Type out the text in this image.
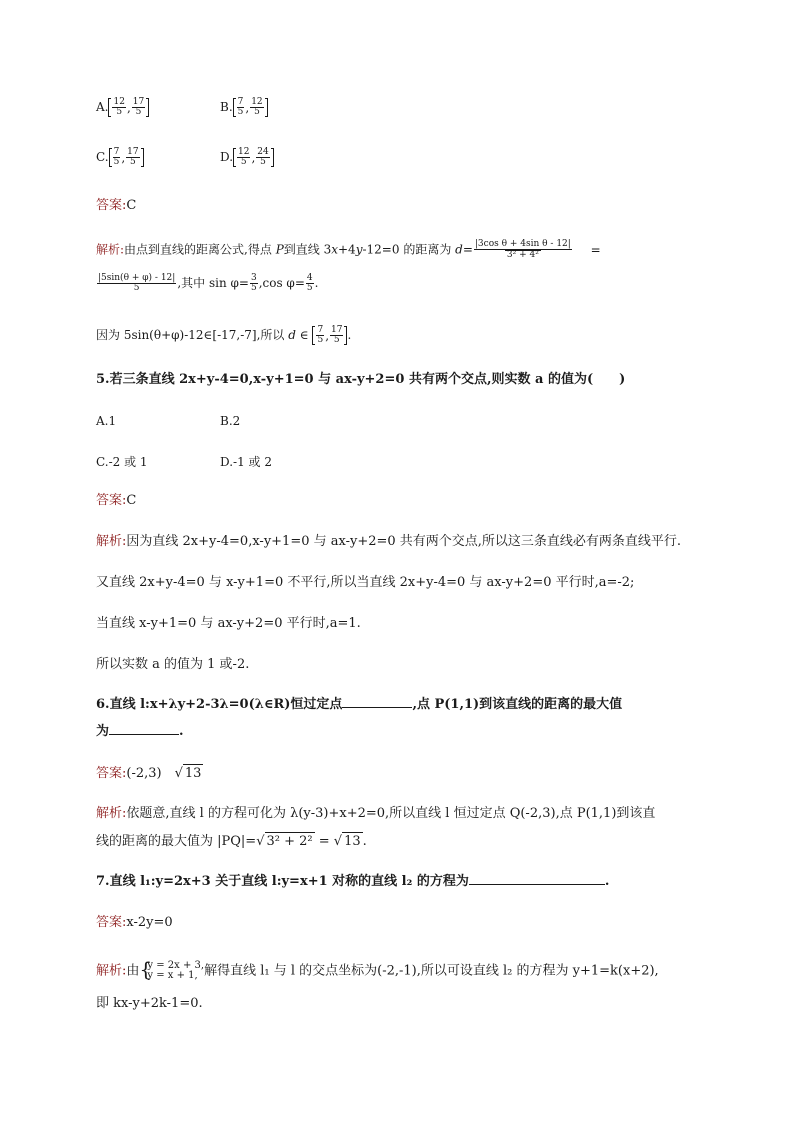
A. $\frac{12}{5}$ , $\frac{17}{5}$	B. $\frac{7}{5}$ , $\frac{12}{5}$
C. $\frac{7}{5}$ , $\frac{17}{5}$	D. $\frac{12}{5}$ , $\frac{24}{5}$
答案:C
解析:由点到直线的距离公式,得点 P到直线 3x+4y-12=0 的距离为 $d= \frac{\text{|3cos θ + 4sin θ - 12|}}{\text{3² + 4²}}$ =
$\frac{|5\sin(\theta + \varphi) - 12|}{5}$ ,其中 $\sin \varphi= \frac{3}{5} ,\cos$ $\varphi= \frac{4}{5}$ .
因为 5sin(θ+φ)-12∈[-17,-7],所以 d ∈ $\frac{7}{5}$ , $\frac{17}{5}$ .
5.若三条直线 2x+y-4=0,x-y+1=0 与 ax-y+2=0 共有两个交点,则实数 a 的值为(　　)
A.1	B.2
C.-2 或 1	D.-1 或 2
答案:C
解析:因为直线 2x+y-4=0,x-y+1=0 与 ax-y+2=0 共有两个交点,所以这三条直线必有两条直线平行.
又直线 2x+y-4=0 与 x-y+1=0 不平行,所以当直线 2x+y-4=0 与 ax-y+2=0 平行时,a=-2;
当直线 x-y+1=0 与 ax-y+2=0 平行时,a=1.
所以实数 a 的值为 1 或-2.
6.直线 l:x+λy+2-3λ=0(λ∈R)恒过定点	,点 P(1,1)到该直线的距离的最大值
为	.
答案:(-2,3)　√ 13
解析:依题意,直线 l 的方程可化为 λ(y-3)+x+2=0,所以直线 l 恒过定点 Q(-2,3),点 P(1,1)到该直
线的距离的最大值为 |PQ|=√ 3² + 2² = √ 13 .
7.直线 l₁:y=2x+3 关于直线 l:y=x+1 对称的直线 l₂ 的方程为	.
答案:x-2y=0
解析:由 {
y = 2x + 3,
y = x + 1, 解得直线 l₁ 与 l 的交点坐标为(-2,-1),所以可设直线 l₂ 的方程为 y+1=k(x+2),
即 kx-y+2k-1=0.
